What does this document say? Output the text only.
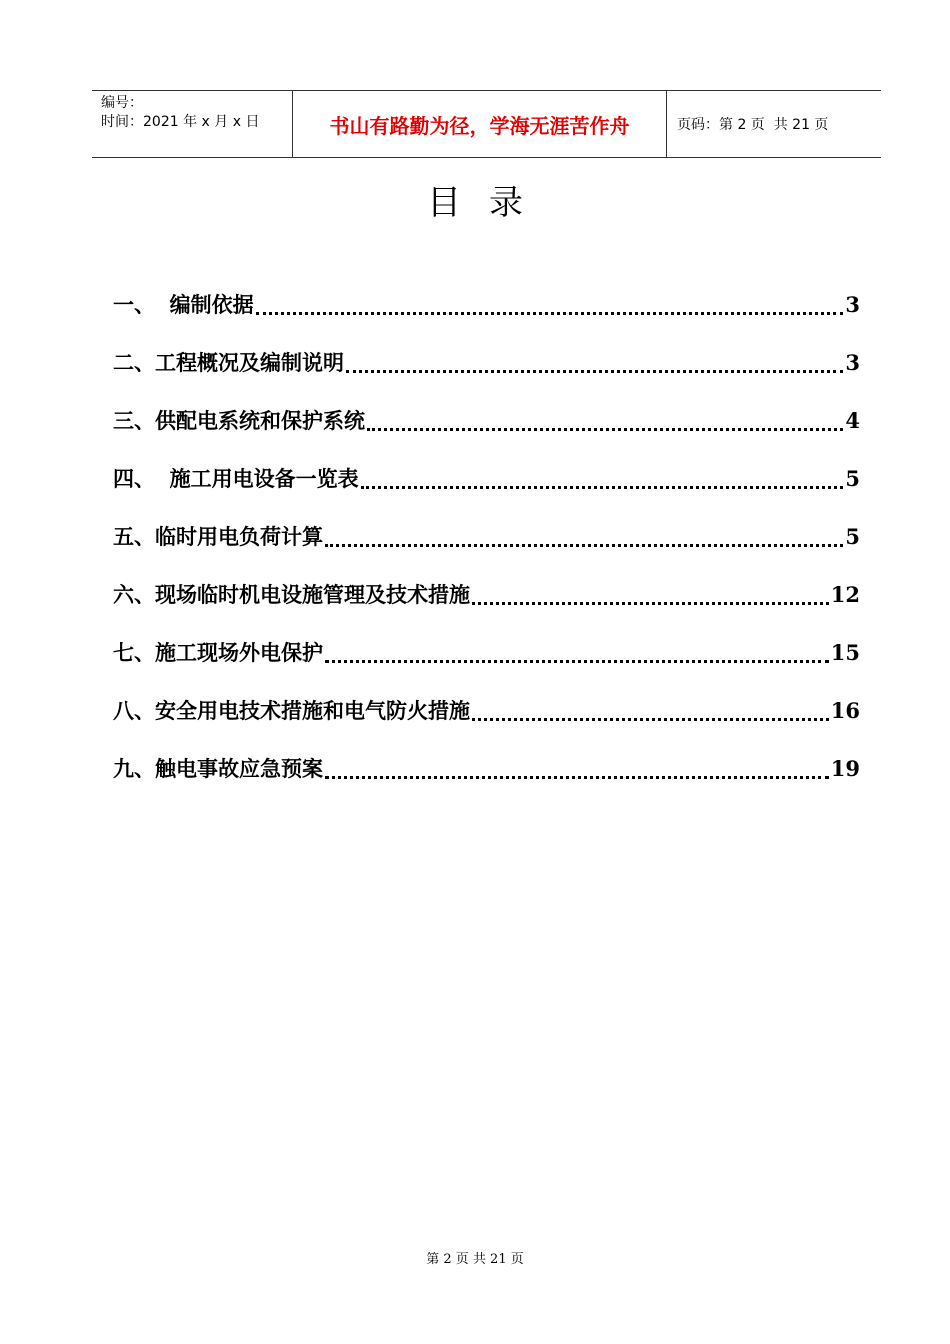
编号：
时间：2021 年 x 月 x 日	书山有路勤为径，学海无涯苦作舟	页码：第 2 页  共 21 页
目录
一、  编制依据	3
二、工程概况及编制说明	3
三、供配电系统和保护系统	4
四、  施工用电设备一览表	5
五、临时用电负荷计算	5
六、现场临时机电设施管理及技术措施	12
七、施工现场外电保护	15
八、安全用电技术措施和电气防火措施	16
九、触电事故应急预案	19
第 2 页 共 21 页
